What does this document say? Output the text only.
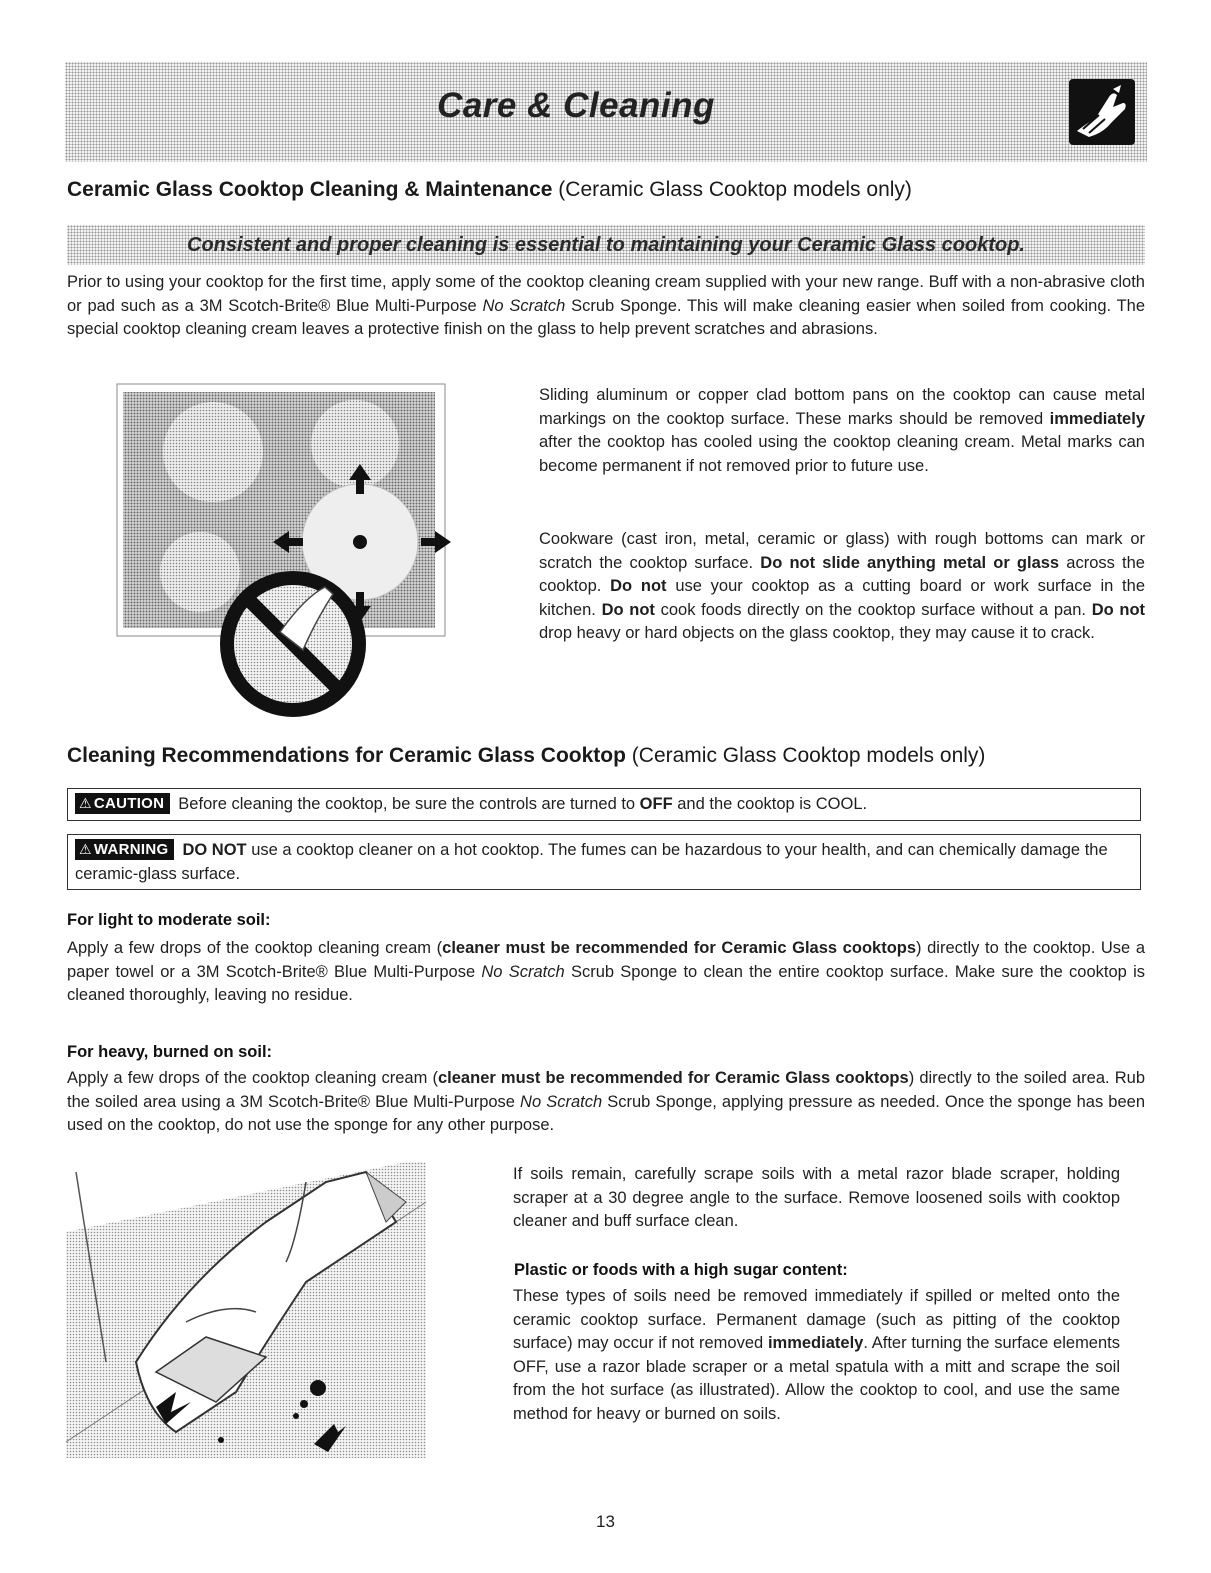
Care & Cleaning
Ceramic Glass Cooktop Cleaning & Maintenance (Ceramic Glass Cooktop models only)
Consistent and proper cleaning is essential to maintaining your Ceramic Glass cooktop.

Prior to using your cooktop for the first time, apply some of the cooktop cleaning cream supplied with your new range. Buff with a non-abrasive cloth or pad such as a 3M Scotch-Brite® Blue Multi-Purpose No Scratch Scrub Sponge. This will make cleaning easier when soiled from cooking. The special cooktop cleaning cream leaves a protective finish on the glass to help prevent scratches and abrasions.

Sliding aluminum or copper clad bottom pans on the cooktop can cause metal markings on the cooktop surface. These marks should be removed immediately after the cooktop has cooled using the cooktop cleaning cream. Metal marks can become permanent if not removed prior to future use.

Cookware (cast iron, metal, ceramic or glass) with rough bottoms can mark or scratch the cooktop surface. Do not slide anything metal or glass across the cooktop. Do not use your cooktop as a cutting board or work surface in the kitchen. Do not cook foods directly on the cooktop surface without a pan. Do not drop heavy or hard objects on the glass cooktop, they may cause it to crack.

Cleaning Recommendations for Ceramic Glass Cooktop (Ceramic Glass Cooktop models only)
⚠ CAUTION Before cleaning the cooktop, be sure the controls are turned to OFF and the cooktop is COOL.
⚠ WARNING DO NOT use a cooktop cleaner on a hot cooktop. The fumes can be hazardous to your health, and can chemically damage the ceramic-glass surface.

For light to moderate soil:

Apply a few drops of the cooktop cleaning cream (cleaner must be recommended for Ceramic Glass cooktops) directly to the cooktop. Use a paper towel or a 3M Scotch-Brite® Blue Multi-Purpose No Scratch Scrub Sponge to clean the entire cooktop surface. Make sure the cooktop is cleaned thoroughly, leaving no residue.

For heavy, burned on soil:

Apply a few drops of the cooktop cleaning cream (cleaner must be recommended for Ceramic Glass cooktops) directly to the soiled area. Rub the soiled area using a 3M Scotch-Brite® Blue Multi-Purpose No Scratch Scrub Sponge, applying pressure as needed. Once the sponge has been used on the cooktop, do not use the sponge for any other purpose.

If soils remain, carefully scrape soils with a metal razor blade scraper, holding scraper at a 30 degree angle to the surface. Remove loosened soils with cooktop cleaner and buff surface clean.

Plastic or foods with a high sugar content:

These types of soils need be removed immediately if spilled or melted onto the ceramic cooktop surface. Permanent damage (such as pitting of the cooktop surface) may occur if not removed immediately. After turning the surface elements OFF, use a razor blade scraper or a metal spatula with a mitt and scrape the soil from the hot surface (as illustrated). Allow the cooktop to cool, and use the same method for heavy or burned on soils.

13
